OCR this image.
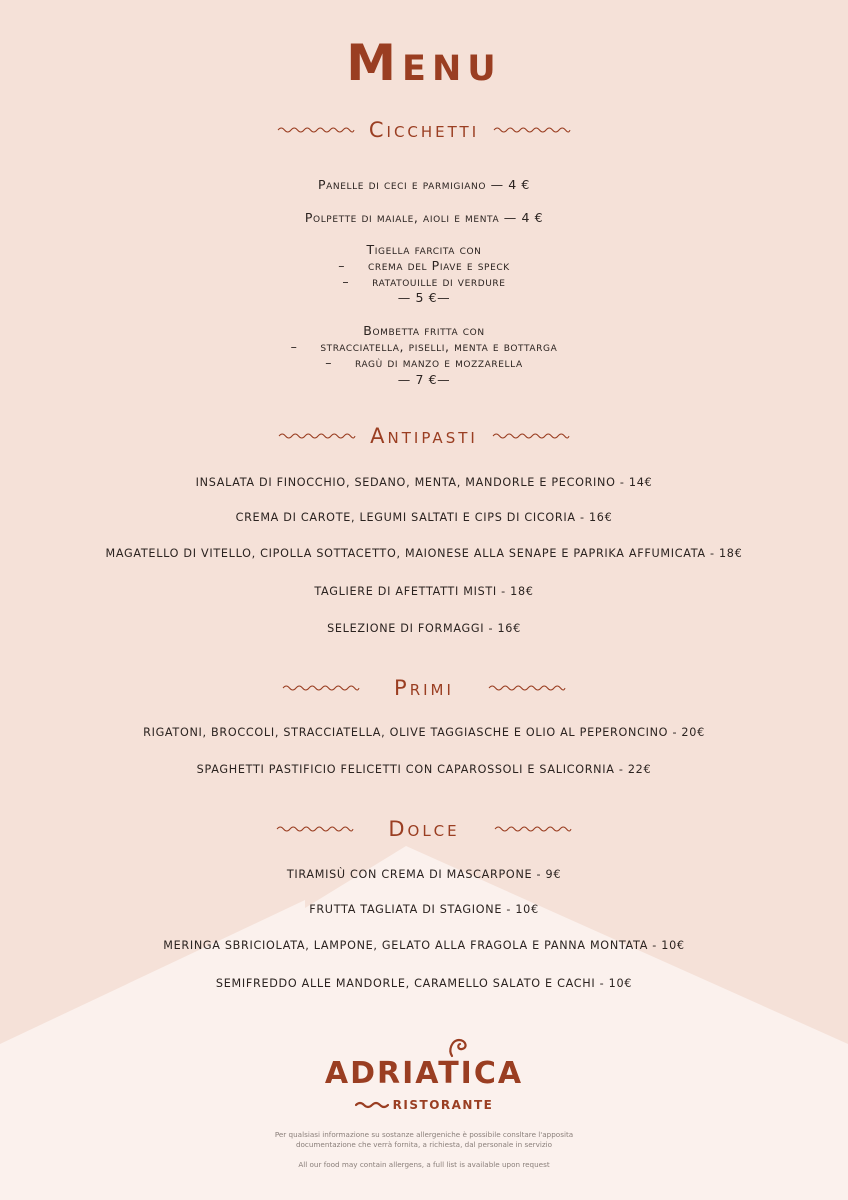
Menu
Cicchetti
Panelle di ceci e parmigiano — 4 €
Polpette di maiale, aioli e menta — 4 €
Tigella farcita con
–     crema del Piave e speck
–     ratatouille di verdure
— 5 €—
Bombetta fritta con
–     stracciatella, piselli, menta e bottarga
–     ragù di manzo e mozzarella
— 7 €—
Antipasti
INSALATA DI FINOCCHIO, SEDANO, MENTA, MANDORLE E PECORINO - 14€
CREMA DI CAROTE, LEGUMI SALTATI E CIPS DI CICORIA - 16€
MAGATELLO DI VITELLO, CIPOLLA SOTTACETTO, MAIONESE ALLA SENAPE E PAPRIKA AFFUMICATA - 18€
TAGLIERE DI AFETTATTI MISTI - 18€
SELEZIONE DI FORMAGGI - 16€
Primi
RIGATONI, BROCCOLI, STRACCIATELLA, OLIVE TAGGIASCHE E OLIO AL PEPERONCINO - 20€
SPAGHETTI PASTIFICIO FELICETTI CON CAPAROSSOLI E SALICORNIA - 22€
Dolce
TIRAMISÙ CON CREMA DI MASCARPONE - 9€
FRUTTA TAGLIATA DI STAGIONE - 10€
MERINGA SBRICIOLATA, LAMPONE, GELATO ALLA FRAGOLA E PANNA MONTATA - 10€
SEMIFREDDO ALLE MANDORLE, CARAMELLO SALATO E CACHI - 10€
ADRIATICA
RISTORANTE
Per qualsiasi informazione su sostanze allergeniche è possibile consltare l'apposita
documentazione che verrà fornita, a richiesta, dal personale in servizio
All our food may contain allergens, a full list is available upon request
